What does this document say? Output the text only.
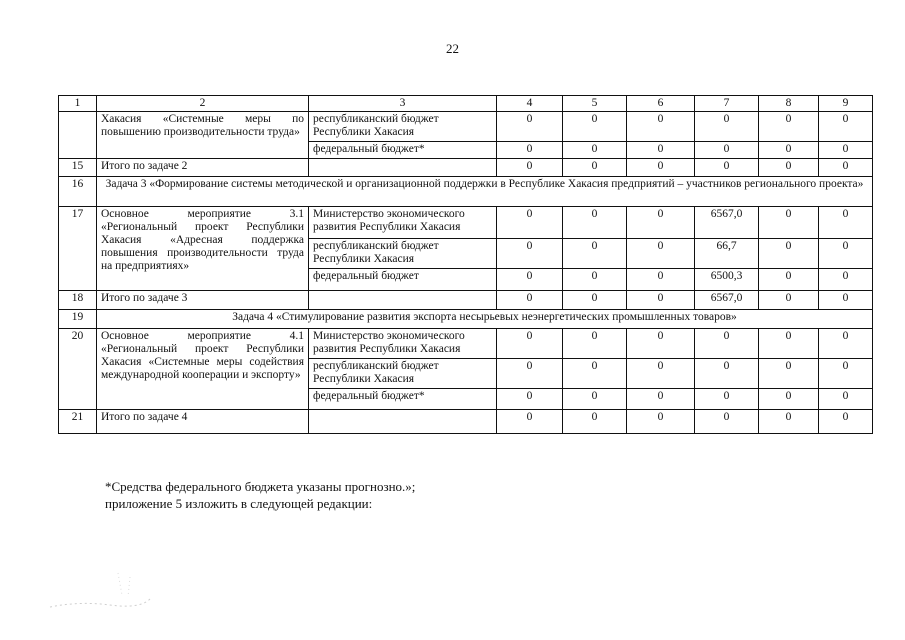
22
1	2	3	4	5	6	7	8	9
	Хакасия «Системные меры по повышению производительности труда»	республиканский бюджет Республики Хакасия	0	0	0	0	0	0
		федеральный бюджет*	0	0	0	0	0	0
15	Итого по задаче 2		0	0	0	0	0	0
16	Задача 3 «Формирование системы методической и организационной поддержки в Республике Хакасия предприятий – участников регионального проекта»							
17	Основное мероприятие 3.1 «Региональный проект Республики Хакасия «Адресная поддержка повышения производительности труда на предприятиях»	Министерство экономического развития Республики Хакасия	0	0	0	6567,0	0	0
		республиканский бюджет Республики Хакасия	0	0	0	66,7	0	0
		федеральный бюджет	0	0	0	6500,3	0	0
18	Итого по задаче 3		0	0	0	6567,0	0	0
19	Задача 4 «Стимулирование развития экспорта несырьевых неэнергетических промышленных товаров»							
20	Основное мероприятие 4.1 «Региональный проект Республики Хакасия «Системные меры содействия международной кооперации и экспорту»	Министерство экономического развития Республики Хакасия	0	0	0	0	0	0
		республиканский бюджет Республики Хакасия	0	0	0	0	0	0
		федеральный бюджет*	0	0	0	0	0	0
21	Итого по задаче 4		0	0	0	0	0	0
*Средства федерального бюджета указаны прогнозно.»;
приложение 5 изложить в следующей редакции:
